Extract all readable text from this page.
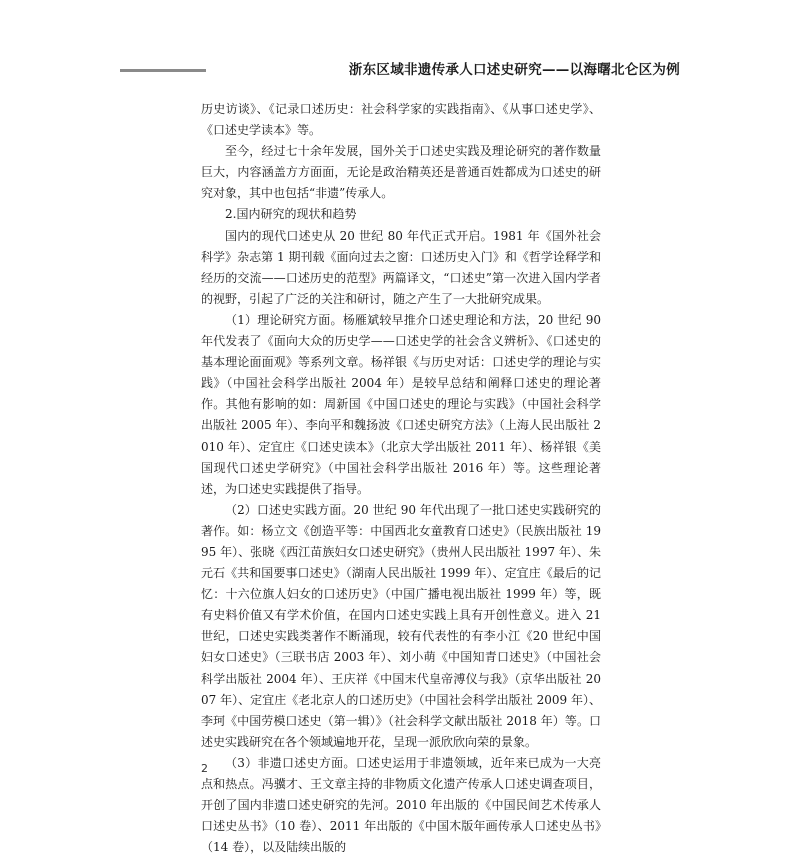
浙东区域非遗传承人口述史研究——以海曙北仑区为例

历史访谈》、《记录口述历史：社会科学家的实践指南》、《从事口述史学》、《口述史学读本》等。

至今，经过七十余年发展，国外关于口述史实践及理论研究的著作数量巨大，内容涵盖方方面面，无论是政治精英还是普通百姓都成为口述史的研究对象，其中也包括“非遗”传承人。

2.国内研究的现状和趋势

国内的现代口述史从 20 世纪 80 年代正式开启。1981 年《国外社会科学》杂志第 1 期刊载《面向过去之窗：口述历史入门》和《哲学诠释学和经历的交流——口述历史的范型》两篇译文，“口述史”第一次进入国内学者的视野，引起了广泛的关注和研讨，随之产生了一大批研究成果。

（1）理论研究方面。杨雁斌较早推介口述史理论和方法，20 世纪 90 年代发表了《面向大众的历史学——口述史学的社会含义辨析》、《口述史的基本理论面面观》等系列文章。杨祥银《与历史对话：口述史学的理论与实践》（中国社会科学出版社 2004 年）是较早总结和阐释口述史的理论著作。其他有影响的如：周新国《中国口述史的理论与实践》（中国社会科学出版社 2005 年）、李向平和魏扬波《口述史研究方法》（上海人民出版社 2010 年）、定宜庄《口述史读本》（北京大学出版社 2011 年）、杨祥银《美国现代口述史学研究》（中国社会科学出版社 2016 年）等。这些理论著述，为口述史实践提供了指导。

（2）口述史实践方面。20 世纪 90 年代出现了一批口述史实践研究的著作。如：杨立文《创造平等：中国西北女童教育口述史》（民族出版社 1995 年）、张晓《西江苗族妇女口述史研究》（贵州人民出版社 1997 年）、朱元石《共和国要事口述史》（湖南人民出版社 1999 年）、定宜庄《最后的记忆：十六位旗人妇女的口述历史》（中国广播电视出版社 1999 年）等，既有史料价值又有学术价值，在国内口述史实践上具有开创性意义。进入 21 世纪，口述史实践类著作不断涌现，较有代表性的有李小江《20 世纪中国妇女口述史》（三联书店 2003 年）、刘小萌《中国知青口述史》（中国社会科学出版社 2004 年）、王庆祥《中国末代皇帝溥仪与我》（京华出版社 2007 年）、定宜庄《老北京人的口述历史》（中国社会科学出版社 2009 年）、李珂《中国劳模口述史（第一辑）》（社会科学文献出版社 2018 年）等。口述史实践研究在各个领域遍地开花，呈现一派欣欣向荣的景象。

（3）非遗口述史方面。口述史运用于非遗领域，近年来已成为一大亮点和热点。冯骥才、王文章主持的非物质文化遗产传承人口述史调查项目，开创了国内非遗口述史研究的先河。2010 年出版的《中国民间艺术传承人口述史丛书》（10 卷）、2011 年出版的《中国木版年画传承人口述史丛书》（14 卷），以及陆续出版的

2
